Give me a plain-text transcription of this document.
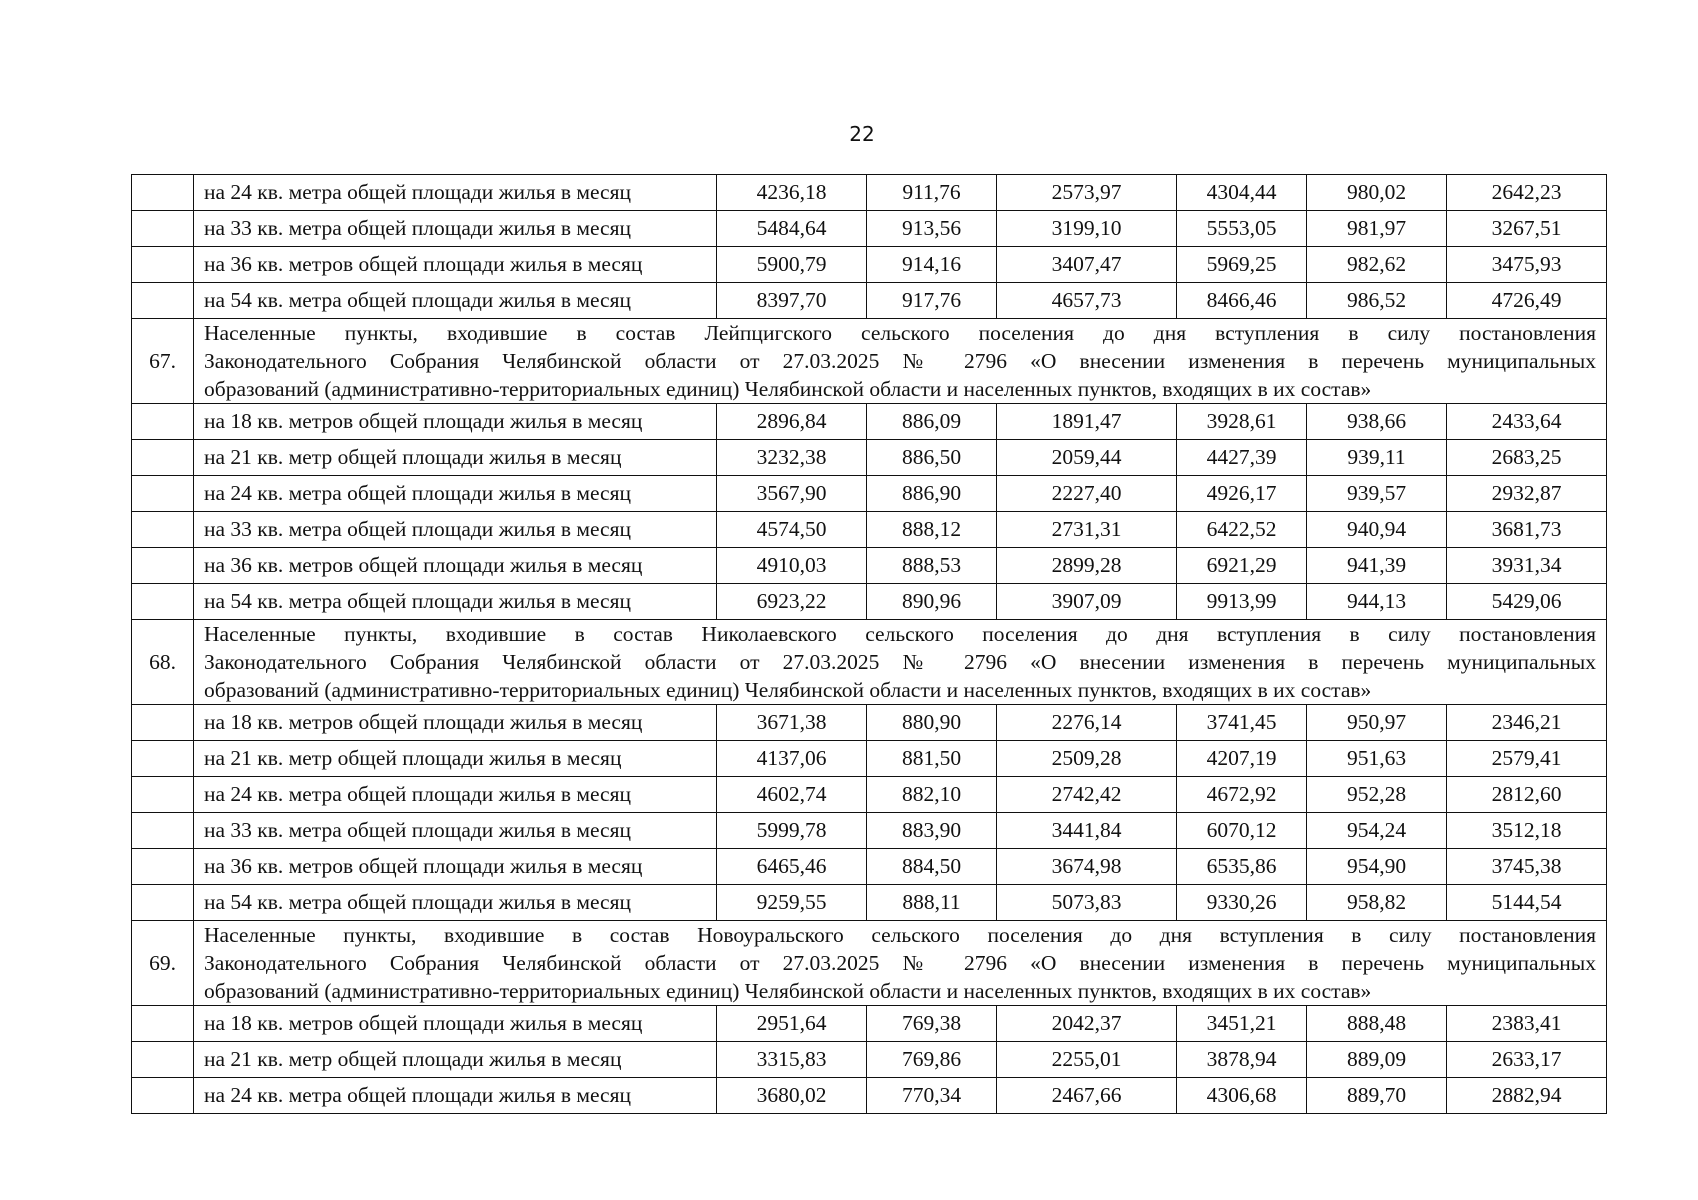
22
	на 24 кв. метра общей площади жилья в месяц	4236,18	911,76	2573,97	4304,44	980,02	2642,23
	на 33 кв. метра общей площади жилья в месяц	5484,64	913,56	3199,10	5553,05	981,97	3267,51
	на 36 кв. метров общей площади жилья в месяц	5900,79	914,16	3407,47	5969,25	982,62	3475,93
	на 54 кв. метра общей площади жилья в месяц	8397,70	917,76	4657,73	8466,46	986,52	4726,49
67.	Населенные пункты, входившие в состав Лейпцигского сельского поселения до дня вступления в силу постановления
Законодательного Собрания Челябинской области от 27.03.2025 № 2796 «О внесении изменения в перечень муниципальных
образований (административно-территориальных единиц) Челябинской области и населенных пунктов, входящих в их состав»						

	на 18 кв. метров общей площади жилья в месяц	2896,84	886,09	1891,47	3928,61	938,66	2433,64
	на 21 кв. метр общей площади жилья в месяц	3232,38	886,50	2059,44	4427,39	939,11	2683,25
	на 24 кв. метра общей площади жилья в месяц	3567,90	886,90	2227,40	4926,17	939,57	2932,87
	на 33 кв. метра общей площади жилья в месяц	4574,50	888,12	2731,31	6422,52	940,94	3681,73
	на 36 кв. метров общей площади жилья в месяц	4910,03	888,53	2899,28	6921,29	941,39	3931,34
	на 54 кв. метра общей площади жилья в месяц	6923,22	890,96	3907,09	9913,99	944,13	5429,06
68.	Населенные пункты, входившие в состав Николаевского сельского поселения до дня вступления в силу постановления
Законодательного Собрания Челябинской области от 27.03.2025 № 2796 «О внесении изменения в перечень муниципальных
образований (административно-территориальных единиц) Челябинской области и населенных пунктов, входящих в их состав»						

	на 18 кв. метров общей площади жилья в месяц	3671,38	880,90	2276,14	3741,45	950,97	2346,21
	на 21 кв. метр общей площади жилья в месяц	4137,06	881,50	2509,28	4207,19	951,63	2579,41
	на 24 кв. метра общей площади жилья в месяц	4602,74	882,10	2742,42	4672,92	952,28	2812,60
	на 33 кв. метра общей площади жилья в месяц	5999,78	883,90	3441,84	6070,12	954,24	3512,18
	на 36 кв. метров общей площади жилья в месяц	6465,46	884,50	3674,98	6535,86	954,90	3745,38
	на 54 кв. метра общей площади жилья в месяц	9259,55	888,11	5073,83	9330,26	958,82	5144,54
69.	Населенные пункты, входившие в состав Новоуральского сельского поселения до дня вступления в силу постановления
Законодательного Собрания Челябинской области от 27.03.2025 № 2796 «О внесении изменения в перечень муниципальных
образований (административно-территориальных единиц) Челябинской области и населенных пунктов, входящих в их состав»						

	на 18 кв. метров общей площади жилья в месяц	2951,64	769,38	2042,37	3451,21	888,48	2383,41
	на 21 кв. метр общей площади жилья в месяц	3315,83	769,86	2255,01	3878,94	889,09	2633,17
	на 24 кв. метра общей площади жилья в месяц	3680,02	770,34	2467,66	4306,68	889,70	2882,94
